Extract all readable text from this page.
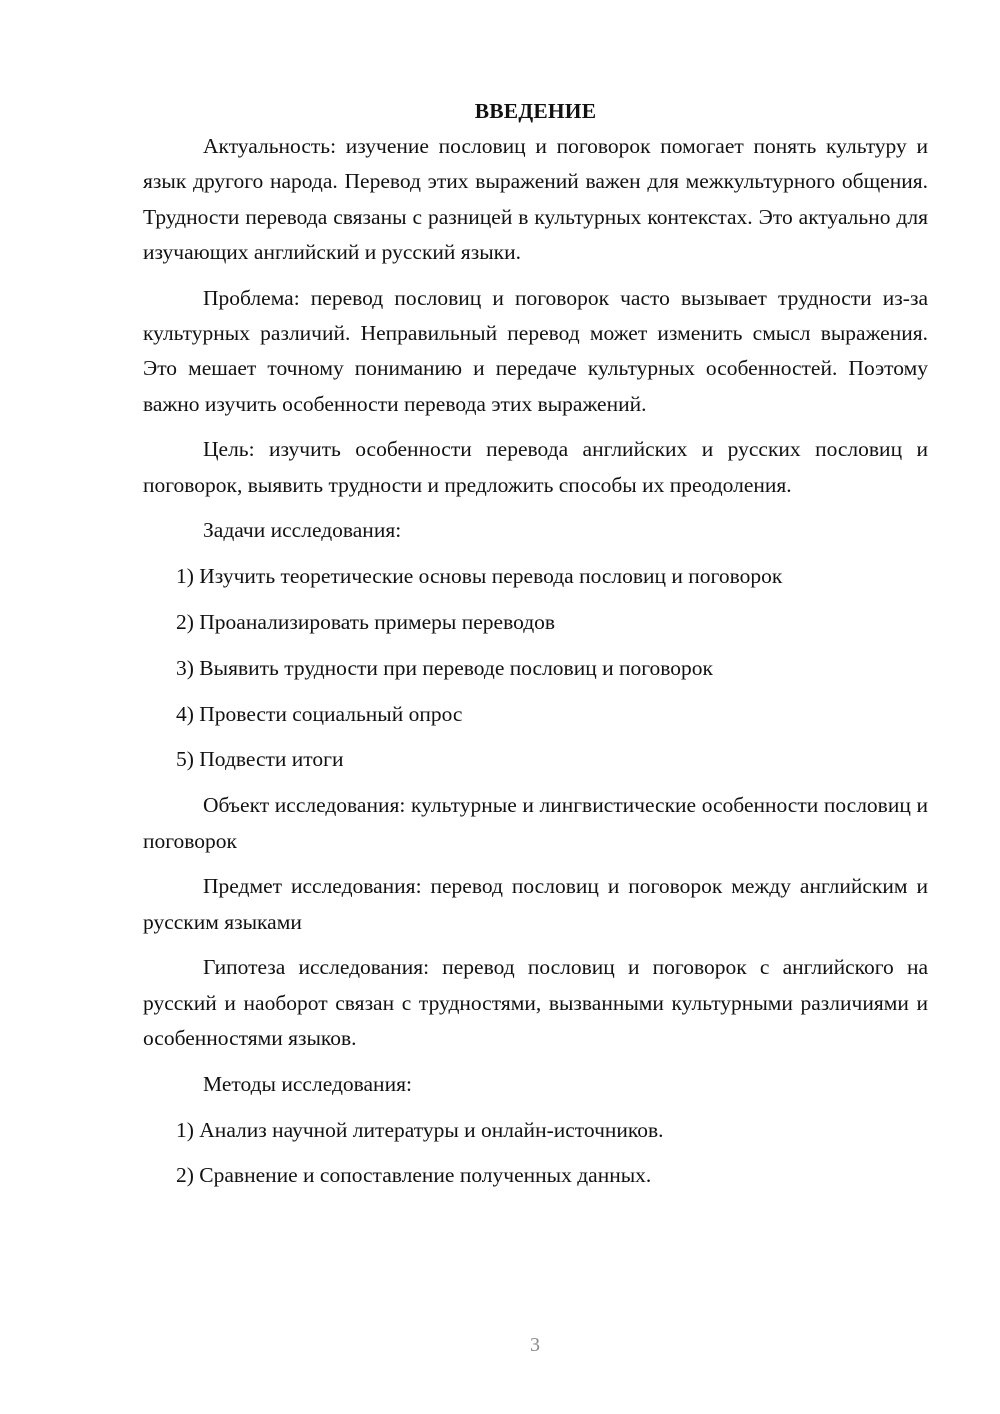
ВВЕДЕНИЕ

Актуальность: изучение пословиц и поговорок помогает понять культуру и язык другого народа. Перевод этих выражений важен для межкультурного общения. Трудности перевода связаны с разницей в культурных контекстах. Это актуально для изучающих английский и русский языки.

Проблема: перевод пословиц и поговорок часто вызывает трудности из-за культурных различий. Неправильный перевод может изменить смысл выражения. Это мешает точному пониманию и передаче культурных особенностей. Поэтому важно изучить особенности перевода этих выражений.

Цель: изучить особенности перевода английских и русских пословиц и поговорок, выявить трудности и предложить способы их преодоления.

Задачи исследования:

1) Изучить теоретические основы перевода пословиц и поговорок
2) Проанализировать примеры переводов
3) Выявить трудности при переводе пословиц и поговорок
4) Провести социальный опрос
5) Подвести итоги

Объект исследования: культурные и лингвистические особенности пословиц и поговорок

Предмет исследования: перевод пословиц и поговорок между английским и русским языками

Гипотеза исследования: перевод пословиц и поговорок с английского на русский и наоборот связан с трудностями, вызванными культурными различиями и особенностями языков.

Методы исследования:

1) Анализ научной литературы и онлайн-источников.
2) Сравнение и сопоставление полученных данных.
3
